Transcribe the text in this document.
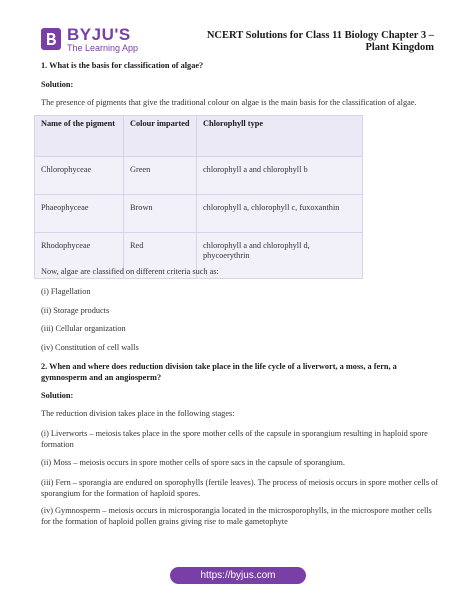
BYJU'S
The Learning App
NCERT Solutions for Class 11 Biology Chapter 3 –
Plant Kingdom

1. What is the basis for classification of algae?

Solution:

The presence of pigments that give the traditional colour on algae is the main basis for the classification of algae.

Name of the pigment	Colour imparted	Chlorophyll type
Chlorophyceae	Green	chlorophyll a and chlorophyll b
Phaeophyceae	Brown	chlorophyll a, chlorophyll c, fuxoxanthin
Rhodophyceae	Red	chlorophyll a and chlorophyll d, phycoerythrin

Now, algae are classified on different criteria such as:

(i) Flagellation

(ii) Storage products

(iii) Cellular organization

(iv) Constitution of cell walls

2. When and where does reduction division take place in the life cycle of a liverwort, a moss, a fern, a gymnosperm and an angiosperm?

Solution:

The reduction division takes place in the following stages:

(i) Liverworts – meiosis takes place in the spore mother cells of the capsule in sporangium resulting in haploid spore formation

(ii) Moss – meiosis occurs in spore mother cells of spore sacs in the capsule of sporangium.

(iii) Fern – sporangia are endured on sporophylls (fertile leaves). The process of meiosis occurs in spore mother cells of sporangium for the formation of haploid spores.

(iv) Gymnosperm – meiosis occurs in microsporangia located in the microsporophylls, in the microspore mother cells for the formation of haploid pollen grains giving rise to male gametophyte

https://byjus.com
